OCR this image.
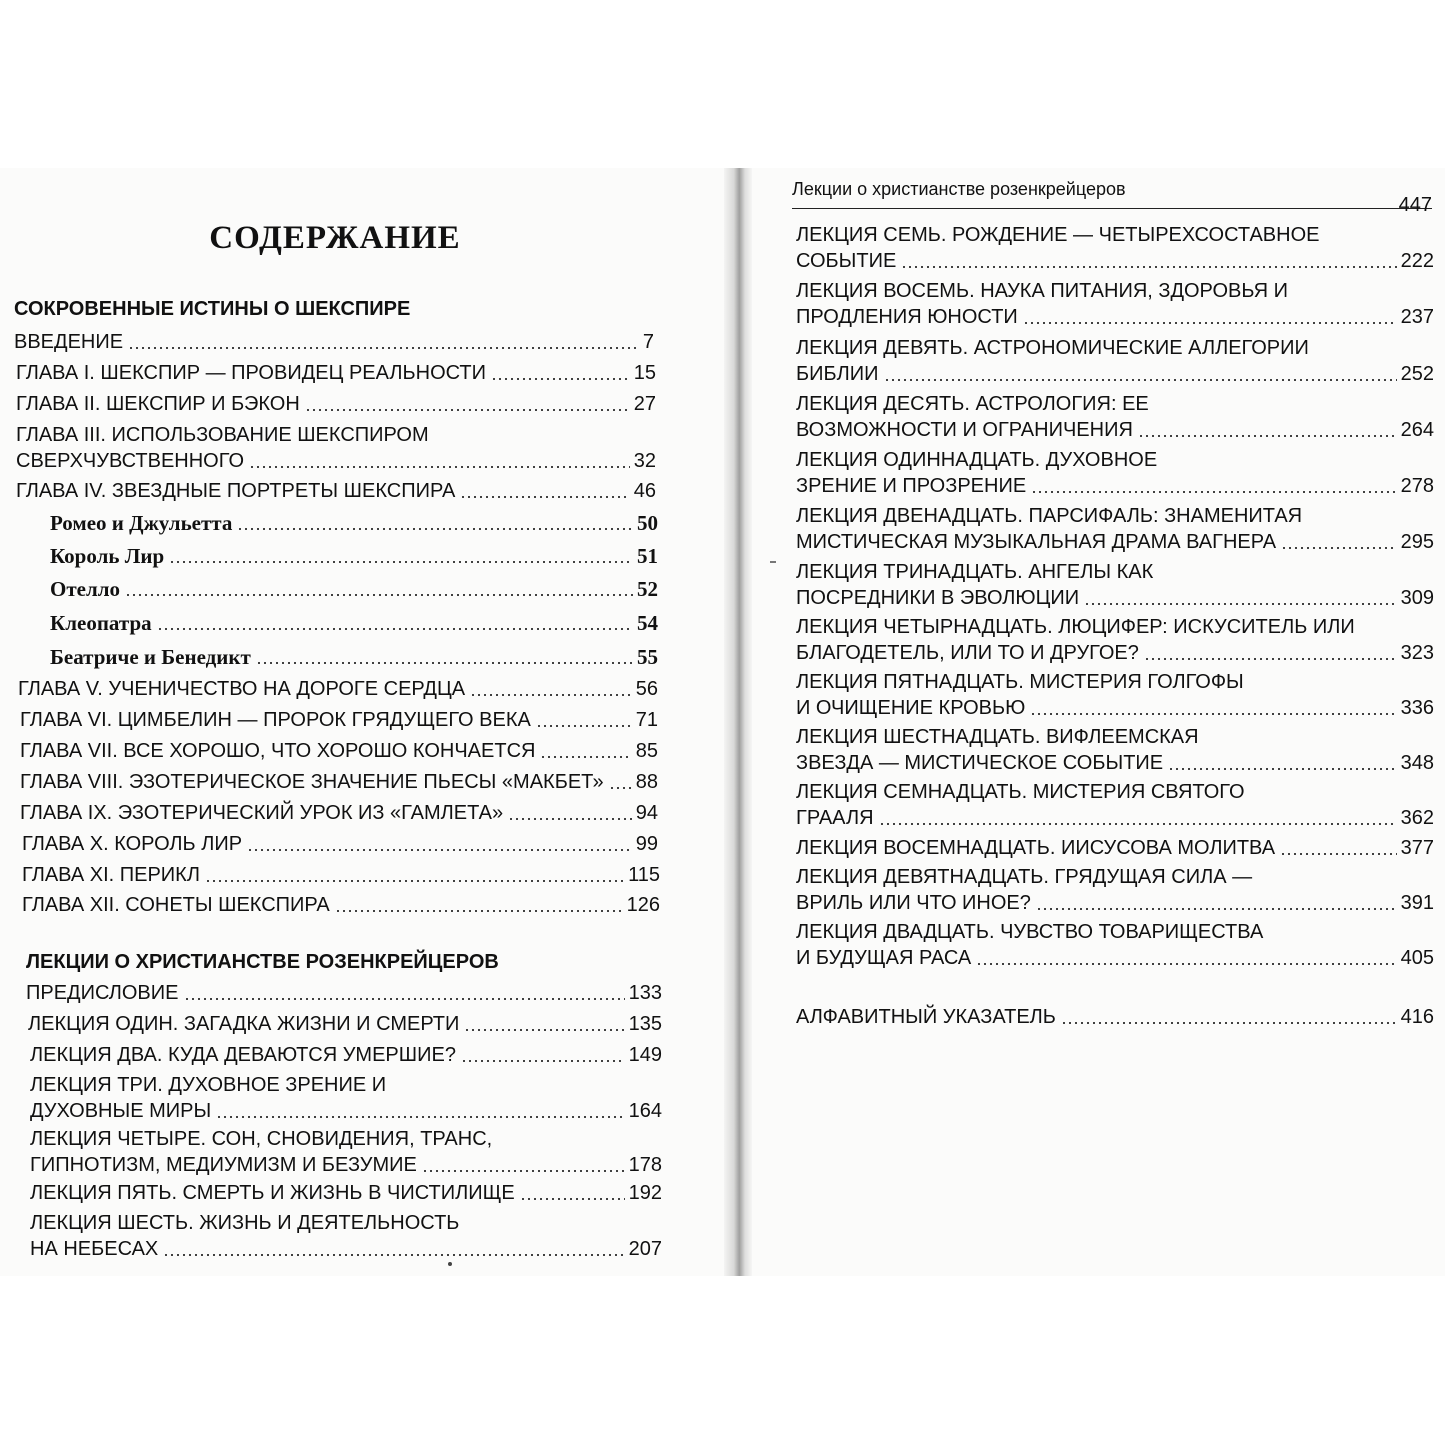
СОДЕРЖАНИЕ
СОКРОВЕННЫЕ ИСТИНЫ О ШЕКСПИРЕ
ВВЕДЕНИЕ	7
ГЛАВА I. ШЕКСПИР — ПРОВИДЕЦ РЕАЛЬНОСТИ	15
ГЛАВА II. ШЕКСПИР И БЭКОН	27
ГЛАВА III. ИСПОЛЬЗОВАНИЕ ШЕКСПИРОМ
СВЕРХЧУВСТВЕННОГО	32
ГЛАВА IV. ЗВЕЗДНЫЕ ПОРТРЕТЫ ШЕКСПИРА	46
Ромео и Джульетта	50
Король Лир	51
Отелло	52
Клеопатра	54
Беатриче и Бенедикт	55
ГЛАВА V. УЧЕНИЧЕСТВО НА ДОРОГЕ СЕРДЦА	56
ГЛАВА VI. ЦИМБЕЛИН — ПРОРОК ГРЯДУЩЕГО ВЕКА	71
ГЛАВА VII. ВСЕ ХОРОШО, ЧТО ХОРОШО КОНЧАЕТСЯ	85
ГЛАВА VIII. ЭЗОТЕРИЧЕСКОЕ ЗНАЧЕНИЕ ПЬЕСЫ «МАКБЕТ» 88
ГЛАВА IX. ЭЗОТЕРИЧЕСКИЙ УРОК ИЗ «ГАМЛЕТА»	94
ГЛАВА X. КОРОЛЬ ЛИР	99
ГЛАВА XI. ПЕРИКЛ	115
ГЛАВА XII. СОНЕТЫ ШЕКСПИРА	126
ЛЕКЦИИ О ХРИСТИАНСТВЕ РОЗЕНКРЕЙЦЕРОВ
ПРЕДИСЛОВИЕ	133
ЛЕКЦИЯ ОДИН. ЗАГАДКА ЖИЗНИ И СМЕРТИ	135
ЛЕКЦИЯ ДВА. КУДА ДЕВАЮТСЯ УМЕРШИЕ?	149
ЛЕКЦИЯ ТРИ. ДУХОВНОЕ ЗРЕНИЕ И
ДУХОВНЫЕ МИРЫ	164
ЛЕКЦИЯ ЧЕТЫРЕ. СОН, СНОВИДЕНИЯ, ТРАНС,
ГИПНОТИЗМ, МЕДИУМИЗМ И БЕЗУМИЕ	178
ЛЕКЦИЯ ПЯТЬ. СМЕРТЬ И ЖИЗНЬ В ЧИСТИЛИЩЕ	192
ЛЕКЦИЯ ШЕСТЬ. ЖИЗНЬ И ДЕЯТЕЛЬНОСТЬ
НА НЕБЕСАХ	207
Лекции о христианстве розенкрейцеров
447
ЛЕКЦИЯ СЕМЬ. РОЖДЕНИЕ — ЧЕТЫРЕХСОСТАВНОЕ
СОБЫТИЕ	222
ЛЕКЦИЯ ВОСЕМЬ. НАУКА ПИТАНИЯ, ЗДОРОВЬЯ И
ПРОДЛЕНИЯ ЮНОСТИ	237
ЛЕКЦИЯ ДЕВЯТЬ. АСТРОНОМИЧЕСКИЕ АЛЛЕГОРИИ
БИБЛИИ	252
ЛЕКЦИЯ ДЕСЯТЬ. АСТРОЛОГИЯ: ЕЕ
ВОЗМОЖНОСТИ И ОГРАНИЧЕНИЯ	264
ЛЕКЦИЯ ОДИННАДЦАТЬ. ДУХОВНОЕ
ЗРЕНИЕ И ПРОЗРЕНИЕ	278
ЛЕКЦИЯ ДВЕНАДЦАТЬ. ПАРСИФАЛЬ: ЗНАМЕНИТАЯ
МИСТИЧЕСКАЯ МУЗЫКАЛЬНАЯ ДРАМА ВАГНЕРА	295
ЛЕКЦИЯ ТРИНАДЦАТЬ. АНГЕЛЫ КАК
ПОСРЕДНИКИ В ЭВОЛЮЦИИ	309
ЛЕКЦИЯ ЧЕТЫРНАДЦАТЬ. ЛЮЦИФЕР: ИСКУСИТЕЛЬ ИЛИ
БЛАГОДЕТЕЛЬ, ИЛИ ТО И ДРУГОЕ?	323
ЛЕКЦИЯ ПЯТНАДЦАТЬ. МИСТЕРИЯ ГОЛГОФЫ
И ОЧИЩЕНИЕ КРОВЬЮ	336
ЛЕКЦИЯ ШЕСТНАДЦАТЬ. ВИФЛЕЕМСКАЯ
ЗВЕЗДА — МИСТИЧЕСКОЕ СОБЫТИЕ	348
ЛЕКЦИЯ СЕМНАДЦАТЬ. МИСТЕРИЯ СВЯТОГО
ГРААЛЯ	362
ЛЕКЦИЯ ВОСЕМНАДЦАТЬ. ИИСУСОВА МОЛИТВА	377
ЛЕКЦИЯ ДЕВЯТНАДЦАТЬ. ГРЯДУЩАЯ СИЛА —
ВРИЛЬ ИЛИ ЧТО ИНОЕ?	391
ЛЕКЦИЯ ДВАДЦАТЬ. ЧУВСТВО ТОВАРИЩЕСТВА
И БУДУЩАЯ РАСА	405
АЛФАВИТНЫЙ УКАЗАТЕЛЬ	416
